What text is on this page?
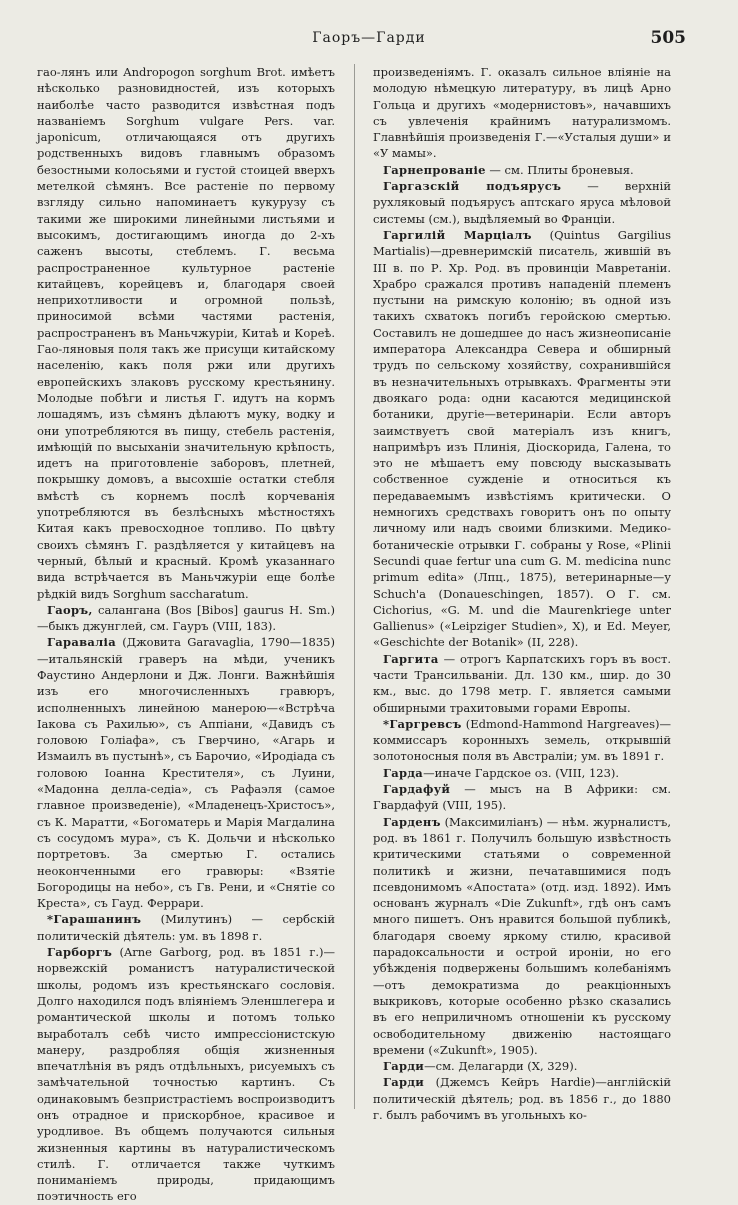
Гаоръ—Гарди	505

гао-лянъ или Andropogon sorghum Brot. имѣетъ нѣсколько разновидностей, изъ которыхъ наиболѣе часто разводится извѣстная подъ названіемъ Sorghum vulgare Pers. var. japonicum, отличающаяся отъ другихъ родственныхъ видовъ главнымъ образомъ безостными колосьями и густой стоицей вверхъ метелкой сѣмянъ. Все растеніе по первому взгляду сильно напоминаетъ кукурузу съ такими же широкими линейными листьями и высокимъ, достигающимъ иногда до 2-хъ саженъ высоты, стеблемъ. Г. весьма распространенное культурное растеніе китайцевъ, корейцевъ и, благодаря своей неприхотливости и огромной пользѣ, приносимой всѣми частями растенія, распространенъ въ Маньчжуріи, Китаѣ и Кореѣ. Гао-ляновыя поля такъ же присущи китайскому населенію, какъ поля ржи или другихъ европейскихъ злаковъ русскому крестьянину. Молодые побѣги и листья Г. идутъ на кормъ лошадямъ, изъ сѣмянъ дѣлаютъ муку, водку и они употребляются въ пищу, стебель растенія, имѣющій по высыханіи значительную крѣпость, идетъ на приготовленіе заборовъ, плетней, покрышку домовъ, а высохшіе остатки стебля вмѣстѣ съ корнемъ послѣ корчеванія употребляются въ безлѣсныхъ мѣстностяхъ Китая какъ превосходное топливо. По цвѣту своихъ сѣмянъ Г. раздѣляется у китайцевъ на черный, бѣлый и красный. Кромѣ указаннаго вида встрѣчается въ Маньчжуріи еще болѣе рѣдкій видъ Sorghum saccharatum.

Гаоръ, салангана (Bos [Bibos] gaurus H. Sm.)—быкъ джунглей, см. Гауръ (VIII, 183).

Гараваліа (Джовита Garavaglia, 1790—1835)—итальянскій граверъ на мѣди, ученикъ Фаустино Андерлони и Дж. Лонги. Важнѣйшія изъ его многочисленныхъ гравюръ, исполненныхъ линейною манерою—«Встрѣча Іакова съ Рахилью», съ Аппіани, «Давидъ съ головою Голіафа», съ Гверчино, «Агарь и Измаилъ въ пустынѣ», съ Барочио, «Иродіада съ головою Іоанна Крестителя», съ Луини, «Мадонна делла-седіа», съ Рафаэля (самое главное произведеніе), «Младенецъ-Христосъ», съ К. Маратти, «Богоматерь и Марія Магдалина съ сосудомъ мура», съ К. Дольчи и нѣсколько портретовъ. За смертью Г. остались неоконченными его гравюры: «Взятіе Богородицы на небо», съ Гв. Рени, и «Снятіе со Креста», съ Гауд. Феррари.

*Гарашанинъ (Милутинъ) — сербскій политическій дѣятель: ум. въ 1898 г.

Гарборгъ (Arne Garborg, род. въ 1851 г.)—норвежскій романистъ натуралистической школы, родомъ изъ крестьянскаго сословія. Долго находился подъ вліяніемъ Эленшлегера и романтической школы и потомъ только выработалъ себѣ чисто импрессіонистскую манеру, раздробляя общія жизненныя впечатлѣнія въ рядъ отдѣльныхъ, рисуемыхъ съ замѣчательной точностью картинъ. Съ одинаковымъ безпристрастіемъ воспроизводитъ онъ отрадное и прискорбное, красивое и уродливое. Въ общемъ получаются сильныя жизненныя картины въ натуралистическомъ стилѣ. Г. отличается также чуткимъ пониманіемъ природы, придающимъ поэтичность его

произведеніямъ. Г. оказалъ сильное вліяніе на молодую нѣмецкую литературу, въ лицѣ Арно Гольца и другихъ «модернистовъ», начавшихъ съ увлеченія крайнимъ натурализмомъ. Главнѣйшія произведенія Г.—«Усталыя души» и «У мамы».

Гарнепрованіе — см. Плиты броневыя.

Гаргазскій подъярусъ — верхній рухляковый подъярусъ аптскаго яруса мѣловой системы (см.), выдѣляемый во Франціи.

Гаргилій Марціалъ (Quintus Gargilius Martialis)—древнеримскій писатель, жившій въ III в. по Р. Хр. Род. въ провинціи Мавретаніи. Храбро сражался противъ нападеній племенъ пустыни на римскую колонію; въ одной изъ такихъ схватокъ погибъ геройскою смертью. Составилъ не дошедшее до насъ жизнеописаніе императора Александра Севера и обширный трудъ по сельскому хозяйству, сохранившійся въ незначительныхъ отрывкахъ. Фрагменты эти двоякаго рода: одни касаются медицинской ботаники, другіе—ветеринаріи. Если авторъ заимствуетъ свой матеріалъ изъ книгъ, напримѣръ изъ Плинія, Діоскорида, Галена, то это не мѣшаетъ ему повсюду высказывать собственное сужденіе и относиться къ передаваемымъ извѣстіямъ критически. О немногихъ средствахъ говоритъ онъ по опыту личному или надъ своими близкими. Медико-ботаническіе отрывки Г. собраны у Rose, «Plinii Secundi quae fertur una cum G. M. medicina nunc primum edita» (Лпц., 1875), ветеринарные—у Schuch'a (Donaueschingen, 1857). О Г. см. Cichorius, «G. M. und die Maurenkriege unter Gallienus» («Leipziger Studien», X), и Ed. Meyer, «Geschichte der Botanik» (II, 228).

Гаргита — отрогъ Карпатскихъ горъ въ вост. части Трансильваніи. Дл. 130 км., шир. до 30 км., выс. до 1798 метр. Г. является самыми обширными трахитовыми горами Европы.

*Гаргревсъ (Edmond-Hammond Hargreaves)—коммиссаръ коронныхъ земель, открывшій золотоносныя поля въ Австраліи; ум. въ 1891 г.

Гарда—иначе Гардское оз. (VIII, 123).

Гардафуй — мысъ на В Африки: см. Гвардафуй (VIII, 195).

Гарденъ (Максимиліанъ) — нѣм. журналистъ, род. въ 1861 г. Получилъ большую извѣстность критическими статьями о современной политикѣ и жизни, печатавшимися подъ псевдонимомъ «Апостата» (отд. изд. 1892). Имъ основанъ журналъ «Die Zukunft», гдѣ онъ самъ много пишетъ. Онъ нравится большой публикѣ, благодаря своему яркому стилю, красивой парадоксальности и острой ироніи, но его убѣжденія подвержены большимъ колебаніямъ—отъ демократизма до реакціонныхъ выкриковъ, которые особенно рѣзко сказались въ его неприличномъ отношеніи къ русскому освободительному движенію настоящаго времени («Zukunft», 1905).

Гарди—см. Делагарди (X, 329).

Гарди (Джемсъ Кейръ Hardie)—англійскій политическій дѣятель; род. въ 1856 г., до 1880 г. былъ рабочимъ въ угольныхъ ко-
